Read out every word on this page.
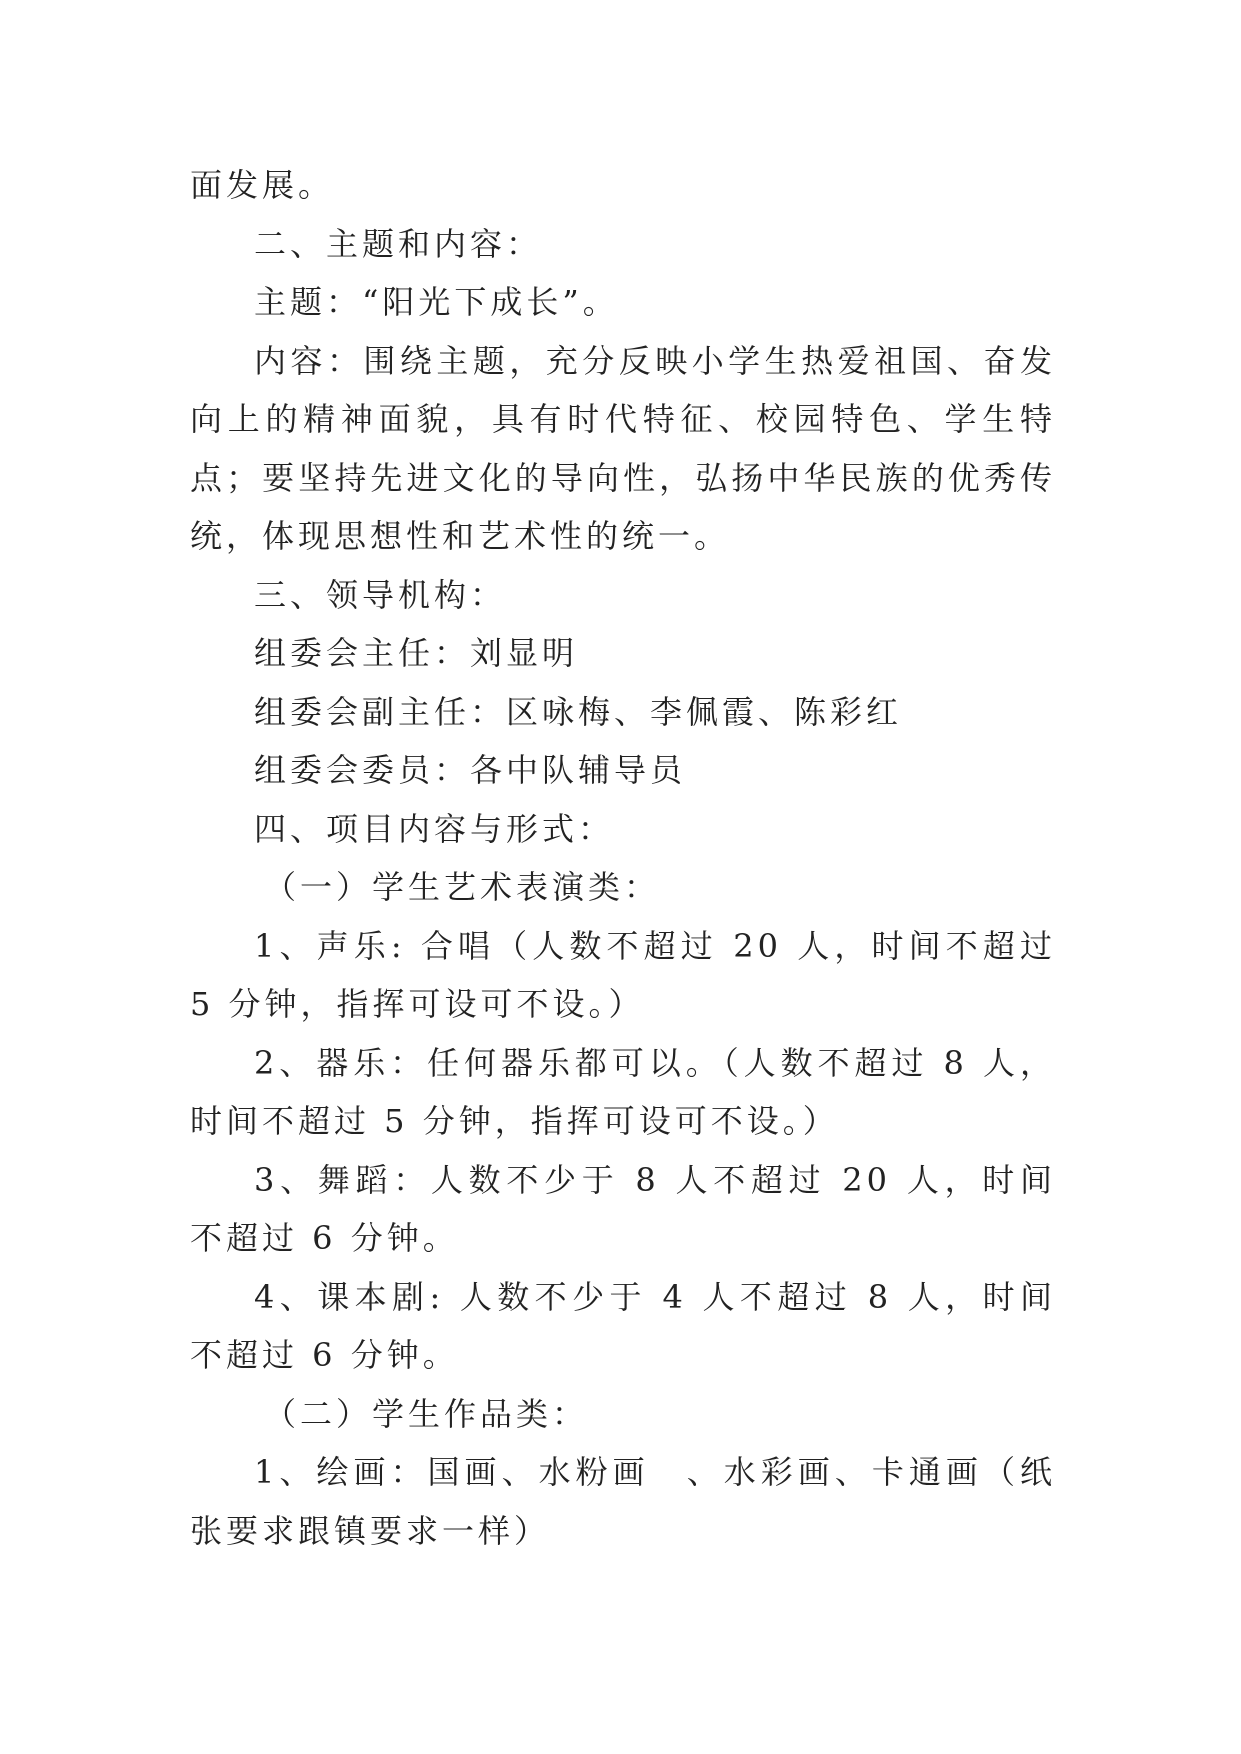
面发展。

二、主题和内容：

主题：“阳光下成长”。

内容：围绕主题，充分反映小学生热爱祖国、奋发向上的精神面貌，具有时代特征、校园特色、学生特点；要坚持先进文化的导向性，弘扬中华民族的优秀传统，体现思想性和艺术性的统一。

三、领导机构：

组委会主任：刘显明

组委会副主任：区咏梅、李佩霞、陈彩红

组委会委员：各中队辅导员

四、项目内容与形式：

（一）学生艺术表演类：

1、声乐: 合唱（人数不超过 20 人，时间不超过 5 分钟，指挥可设可不设。）

2、器乐：任何器乐都可以。（人数不超过 8 人，时间不超过 5 分钟，指挥可设可不设。）

3、舞蹈：人数不少于 8 人不超过 20 人，时间不超过 6 分钟。

4、课本剧: 人数不少于 4 人不超过 8 人，时间不超过 6 分钟。

（二）学生作品类：

1、绘画：国画、水粉画　、水彩画、卡通画（纸张要求跟镇要求一样）
